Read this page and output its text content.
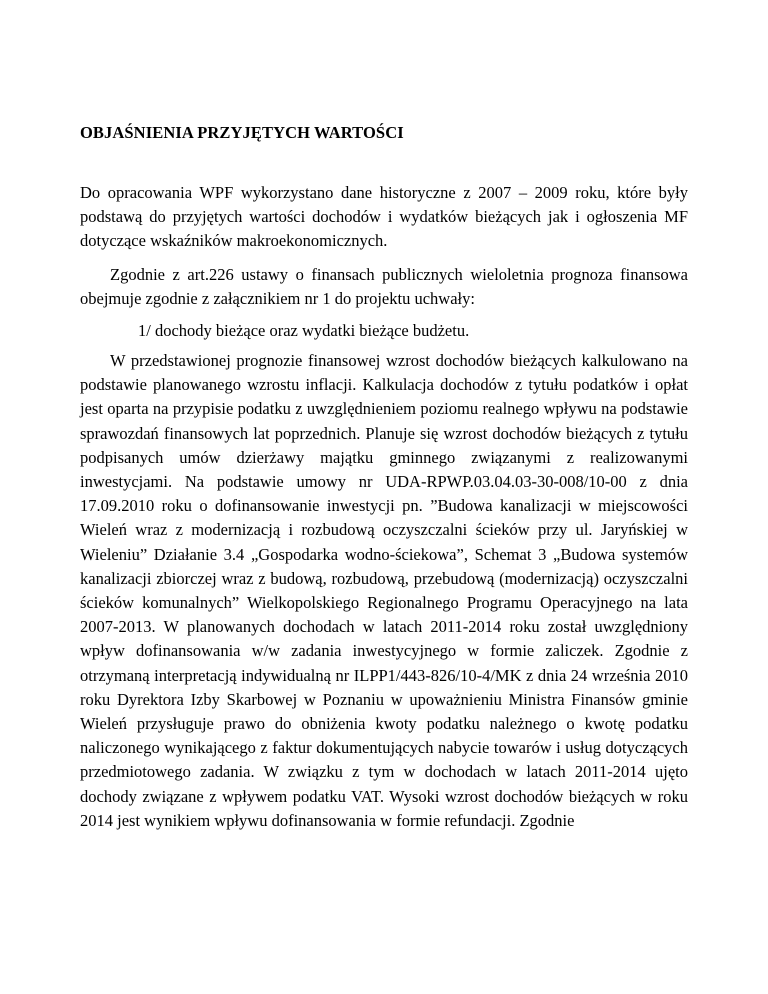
OBJAŚNIENIA PRZYJĘTYCH WARTOŚCI
Do opracowania WPF wykorzystano dane historyczne z 2007 – 2009 roku, które były podstawą do przyjętych wartości dochodów i wydatków bieżących jak i ogłoszenia MF dotyczące wskaźników makroekonomicznych.
Zgodnie z art.226 ustawy o finansach publicznych wieloletnia prognoza finansowa obejmuje zgodnie z załącznikiem nr 1 do projektu uchwały:
1/ dochody bieżące oraz wydatki bieżące budżetu.
W przedstawionej prognozie finansowej wzrost dochodów bieżących kalkulowano na podstawie planowanego wzrostu inflacji. Kalkulacja dochodów z tytułu podatków i opłat jest oparta na przypisie podatku z uwzględnieniem poziomu realnego wpływu na podstawie sprawozdań finansowych lat poprzednich. Planuje się wzrost dochodów bieżących z tytułu podpisanych umów dzierżawy majątku gminnego związanymi z realizowanymi inwestycjami. Na podstawie umowy nr UDA-RPWP.03.04.03-30-008/10-00 z dnia 17.09.2010 roku o dofinansowanie inwestycji pn. ”Budowa kanalizacji w miejscowości Wieleń wraz z modernizacją i rozbudową oczyszczalni ścieków przy ul. Jaryńskiej w Wieleniu” Działanie 3.4 „Gospodarka wodno-ściekowa”, Schemat 3 „Budowa systemów kanalizacji zbiorczej wraz z budową, rozbudową, przebudową (modernizacją) oczyszczalni ścieków komunalnych” Wielkopolskiego Regionalnego Programu Operacyjnego na lata 2007-2013. W planowanych dochodach w latach 2011-2014 roku został uwzględniony wpływ dofinansowania w/w zadania inwestycyjnego w formie zaliczek. Zgodnie z otrzymaną interpretacją indywidualną nr ILPP1/443-826/10-4/MK z dnia 24 września 2010 roku Dyrektora Izby Skarbowej w Poznaniu w upoważnieniu Ministra Finansów gminie Wieleń przysługuje prawo do obniżenia kwoty podatku należnego o kwotę podatku naliczonego wynikającego z faktur dokumentujących nabycie towarów i usług dotyczących przedmiotowego zadania. W związku z tym w dochodach w latach 2011-2014 ujęto dochody związane z wpływem podatku VAT. Wysoki wzrost dochodów bieżących w roku 2014 jest wynikiem wpływu dofinansowania w formie refundacji. Zgodnie
